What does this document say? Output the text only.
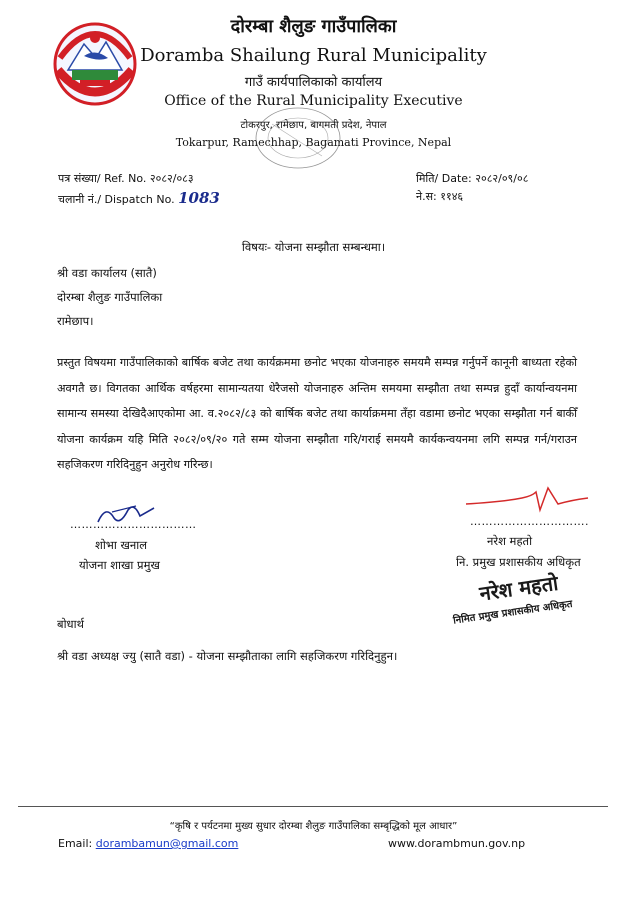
दोरम्बा शैलुङ गाउँपालिका
Doramba Shailung Rural Municipality
गाउँ कार्यपालिकाको कार्यालय
Office of the Rural Municipality Executive
टोकरपुर, रामेछाप, बागमती प्रदेश, नेपाल
Tokarpur, Ramechhap, Bagamati Province, Nepal
पत्र संख्या/ Ref. No. २०८२/०८३
चलानी नं./ Dispatch No. 1083
मिति/ Date: २०८२/०९/०८
ने.स: ११४६
विषयः- योजना सम्झौता सम्बन्धमा।
श्री वडा कार्यालय (सातै)
दोरम्बा शैलुङ गाउँपालिका
रामेछाप।
प्रस्तुत विषयमा गाउँपालिकाको बार्षिक बजेट तथा कार्यक्रममा छनोट भएका योजनाहरु समयमै सम्पन्न गर्नुपर्ने कानूनी बाध्यता रहेको अवगतै छ। विगतका आर्थिक वर्षहरमा सामान्यतया धेरैजसो योजनाहरु अन्तिम समयमा सम्झौता तथा सम्पन्न हुदाँ कार्यान्वयनमा सामान्य समस्या देखिदैआएकोमा आ. व.२०८२/८३ को बार्षिक बजेट तथा कार्याक्रममा तँहा वडामा छनोट भएका सम्झौता गर्न बाकीँ योजना कार्यक्रम यहि मिति २०८२/०९/२० गते सम्म योजना सम्झौता गरि/गराई समयमै कार्यकन्वयनमा लगि सम्पन्न गर्न/गराउन सहजिकरण गरिदिनुहुन अनुरोध गरिन्छ।
……………………………
शोभा खनाल
योजना शाखा प्रमुख
………………………….
नरेश महतो
नि. प्रमुख प्रशासकीय अधिकृत
नरेश महतो
निमित प्रमुख प्रशासकीय अधिकृत
बोधार्थ
श्री वडा अध्यक्ष ज्यु (सातै वडा) - योजना सम्झौताका लागि सहजिकरण गरिदिनुहुन।
“कृषि र पर्यटनमा मुख्य सुधार दोरम्बा शैलुङ गाउँपालिका सम्बृद्धिको मूल आधार”
Email: dorambamun@gmail.com	www.dorambmun.gov.np
